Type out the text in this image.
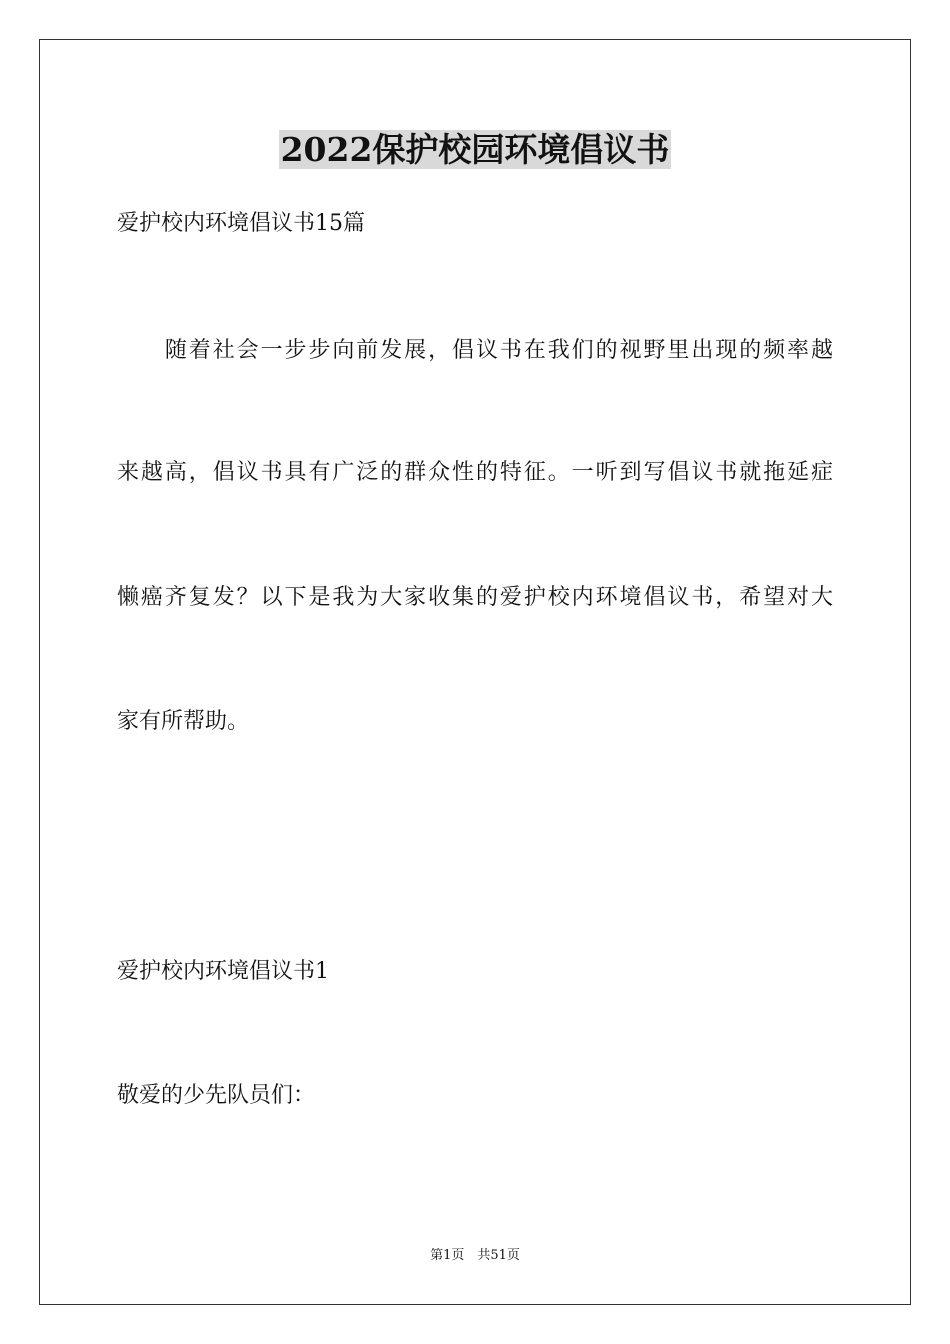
2022保护校园环境倡议书
爱护校内环境倡议书15篇
　　随着社会一步步向前发展，倡议书在我们的视野里出现的频率越
来越高，倡议书具有广泛的群众性的特征。一听到写倡议书就拖延症
懒癌齐复发？以下是我为大家收集的爱护校内环境倡议书，希望对大
家有所帮助。
爱护校内环境倡议书1
敬爱的少先队员们：
第1页　共51页
